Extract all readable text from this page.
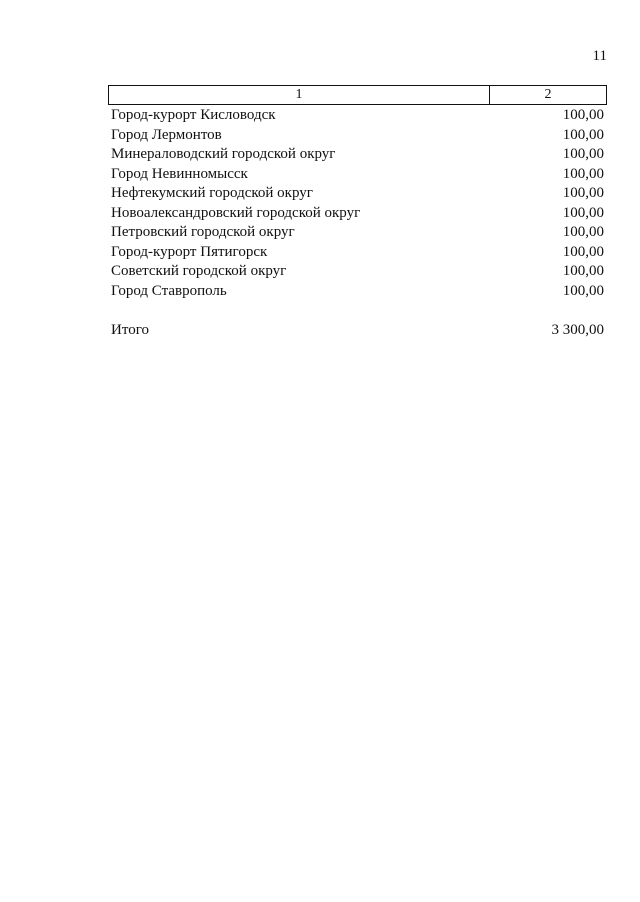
11
1	2
Город-курорт Кисловодск	100,00
Город Лермонтов	100,00
Минераловодский городской округ	100,00
Город Невинномысск	100,00
Нефтекумский городской округ	100,00
Новоалександровский городской округ	100,00
Петровский городской округ	100,00
Город-курорт Пятигорск	100,00
Советский городской округ	100,00
Город Ставрополь	100,00
Итого	3 300,00
